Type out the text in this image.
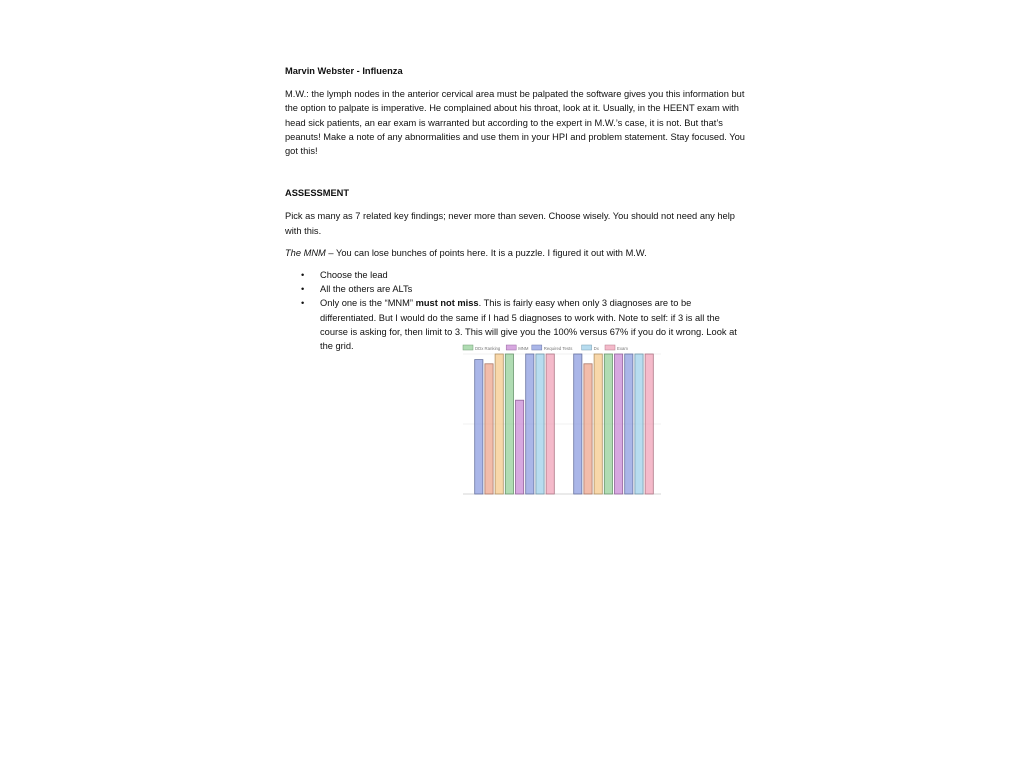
Marvin Webster - Influenza

M.W.: the lymph nodes in the anterior cervical area must be palpated the software gives you this information but the option to palpate is imperative. He complained about his throat, look at it. Usually, in the HEENT exam with head sick patients, an ear exam is warranted but according to the expert in M.W.’s case, it is not. But that’s peanuts! Make a note of any abnormalities and use them in your HPI and problem statement. Stay focused. You got this!

ASSESSMENT

Pick as many as 7 related key findings; never more than seven. Choose wisely. You should not need any help with this.

The MNM – You can lose bunches of points here. It is a puzzle. I figured it out with M.W.

• Choose the lead
• All the others are ALTs
• Only one is the “MNM” must not miss. This is fairly easy when only 3 diagnoses are to be differentiated. But I would do the same if I had 5 diagnoses to work with. Note to self: if 3 is all the course is asking for, then limit to 3. This will give you the 100% versus 67% if you do it wrong. Look at the grid.	DDx Ranking	MNM	Required Tests	Dx	Exam
